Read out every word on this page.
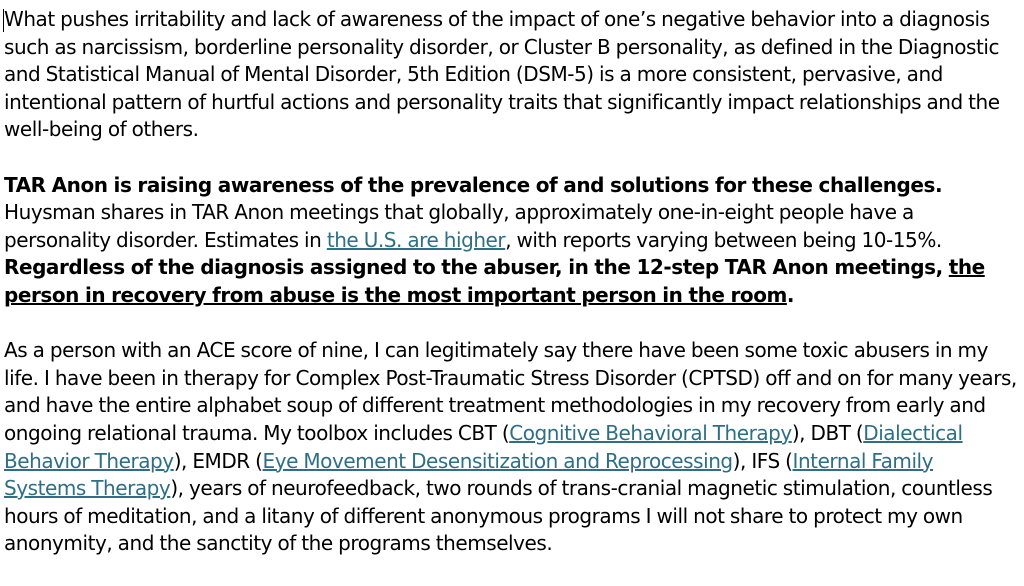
What pushes irritability and lack of awareness of the impact of one’s negative behavior into a diagnosis such as narcissism, borderline personality disorder, or Cluster B personality, as defined in the Diagnostic and Statistical Manual of Mental Disorder, 5th Edition (DSM-5) is a more consistent, pervasive, and intentional pattern of hurtful actions and personality traits that significantly impact relationships and the well-being of others.

TAR Anon is raising awareness of the prevalence of and solutions for these challenges. Huysman shares in TAR Anon meetings that globally, approximately one-in-eight people have a personality disorder. Estimates in the U.S. are higher, with reports varying between being 10-15%. Regardless of the diagnosis assigned to the abuser, in the 12-step TAR Anon meetings, the person in recovery from abuse is the most important person in the room.

As a person with an ACE score of nine, I can legitimately say there have been some toxic abusers in my life. I have been in therapy for Complex Post-Traumatic Stress Disorder (CPTSD) off and on for many years, and have the entire alphabet soup of different treatment methodologies in my recovery from early and ongoing relational trauma. My toolbox includes CBT (Cognitive Behavioral Therapy), DBT (Dialectical Behavior Therapy), EMDR (Eye Movement Desensitization and Reprocessing), IFS (Internal Family Systems Therapy), years of neurofeedback, two rounds of trans-cranial magnetic stimulation, countless hours of meditation, and a litany of different anonymous programs I will not share to protect my own anonymity, and the sanctity of the programs themselves.
